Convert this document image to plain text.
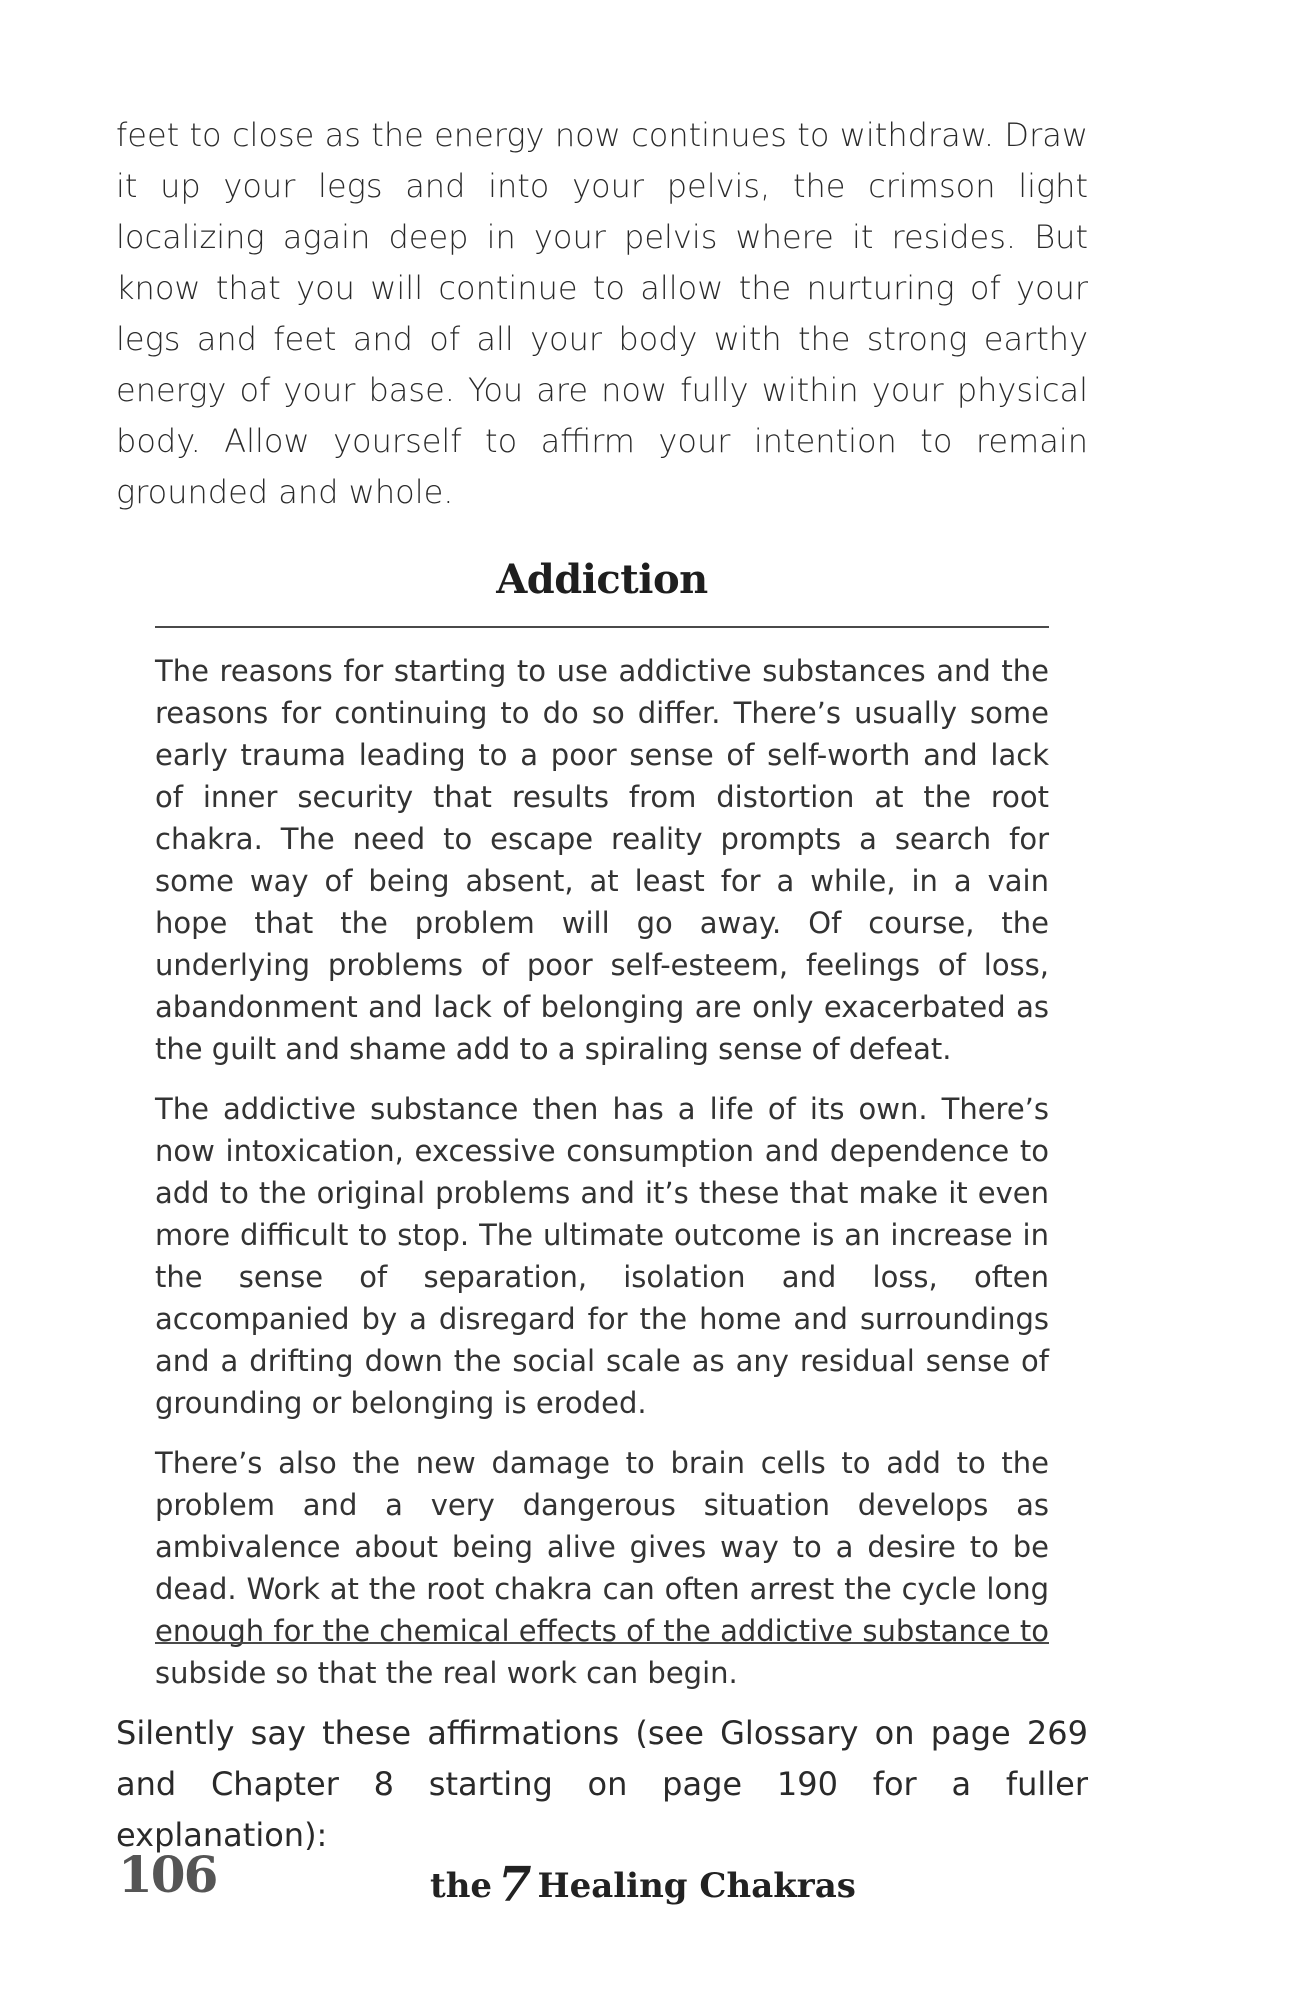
feet to close as the energy now continues to withdraw. Draw it up your legs and into your pelvis, the crimson light localizing again deep in your pelvis where it resides. But know that you will continue to allow the nurturing of your legs and feet and of all your body with the strong earthy energy of your base. You are now fully within your physical body. Allow yourself to affirm your intention to remain grounded and whole.

Addiction

The reasons for starting to use addictive substances and the reasons for continuing to do so differ. There’s usually some early trauma leading to a poor sense of self-worth and lack of inner security that results from distortion at the root chakra. The need to escape reality prompts a search for some way of being absent, at least for a while, in a vain hope that the problem will go away. Of course, the underlying problems of poor self-esteem, feelings of loss, abandonment and lack of belonging are only exacerbated as the guilt and shame add to a spiraling sense of defeat.

The addictive substance then has a life of its own. There’s now intoxication, excessive consumption and dependence to add to the original problems and it’s these that make it even more difficult to stop. The ultimate outcome is an increase in the sense of separation, isolation and loss, often accompanied by a disregard for the home and surroundings and a drifting down the social scale as any residual sense of grounding or belonging is eroded.

There’s also the new damage to brain cells to add to the problem and a very dangerous situation develops as ambivalence about being alive gives way to a desire to be dead. Work at the root chakra can often arrest the cycle long enough for the chemical effects of the addictive substance to subside so that the real work can begin.

Silently say these affirmations (see Glossary on page 269 and Chapter 8 starting on page 190 for a fuller explanation):

106	the 7 Healing Chakras
